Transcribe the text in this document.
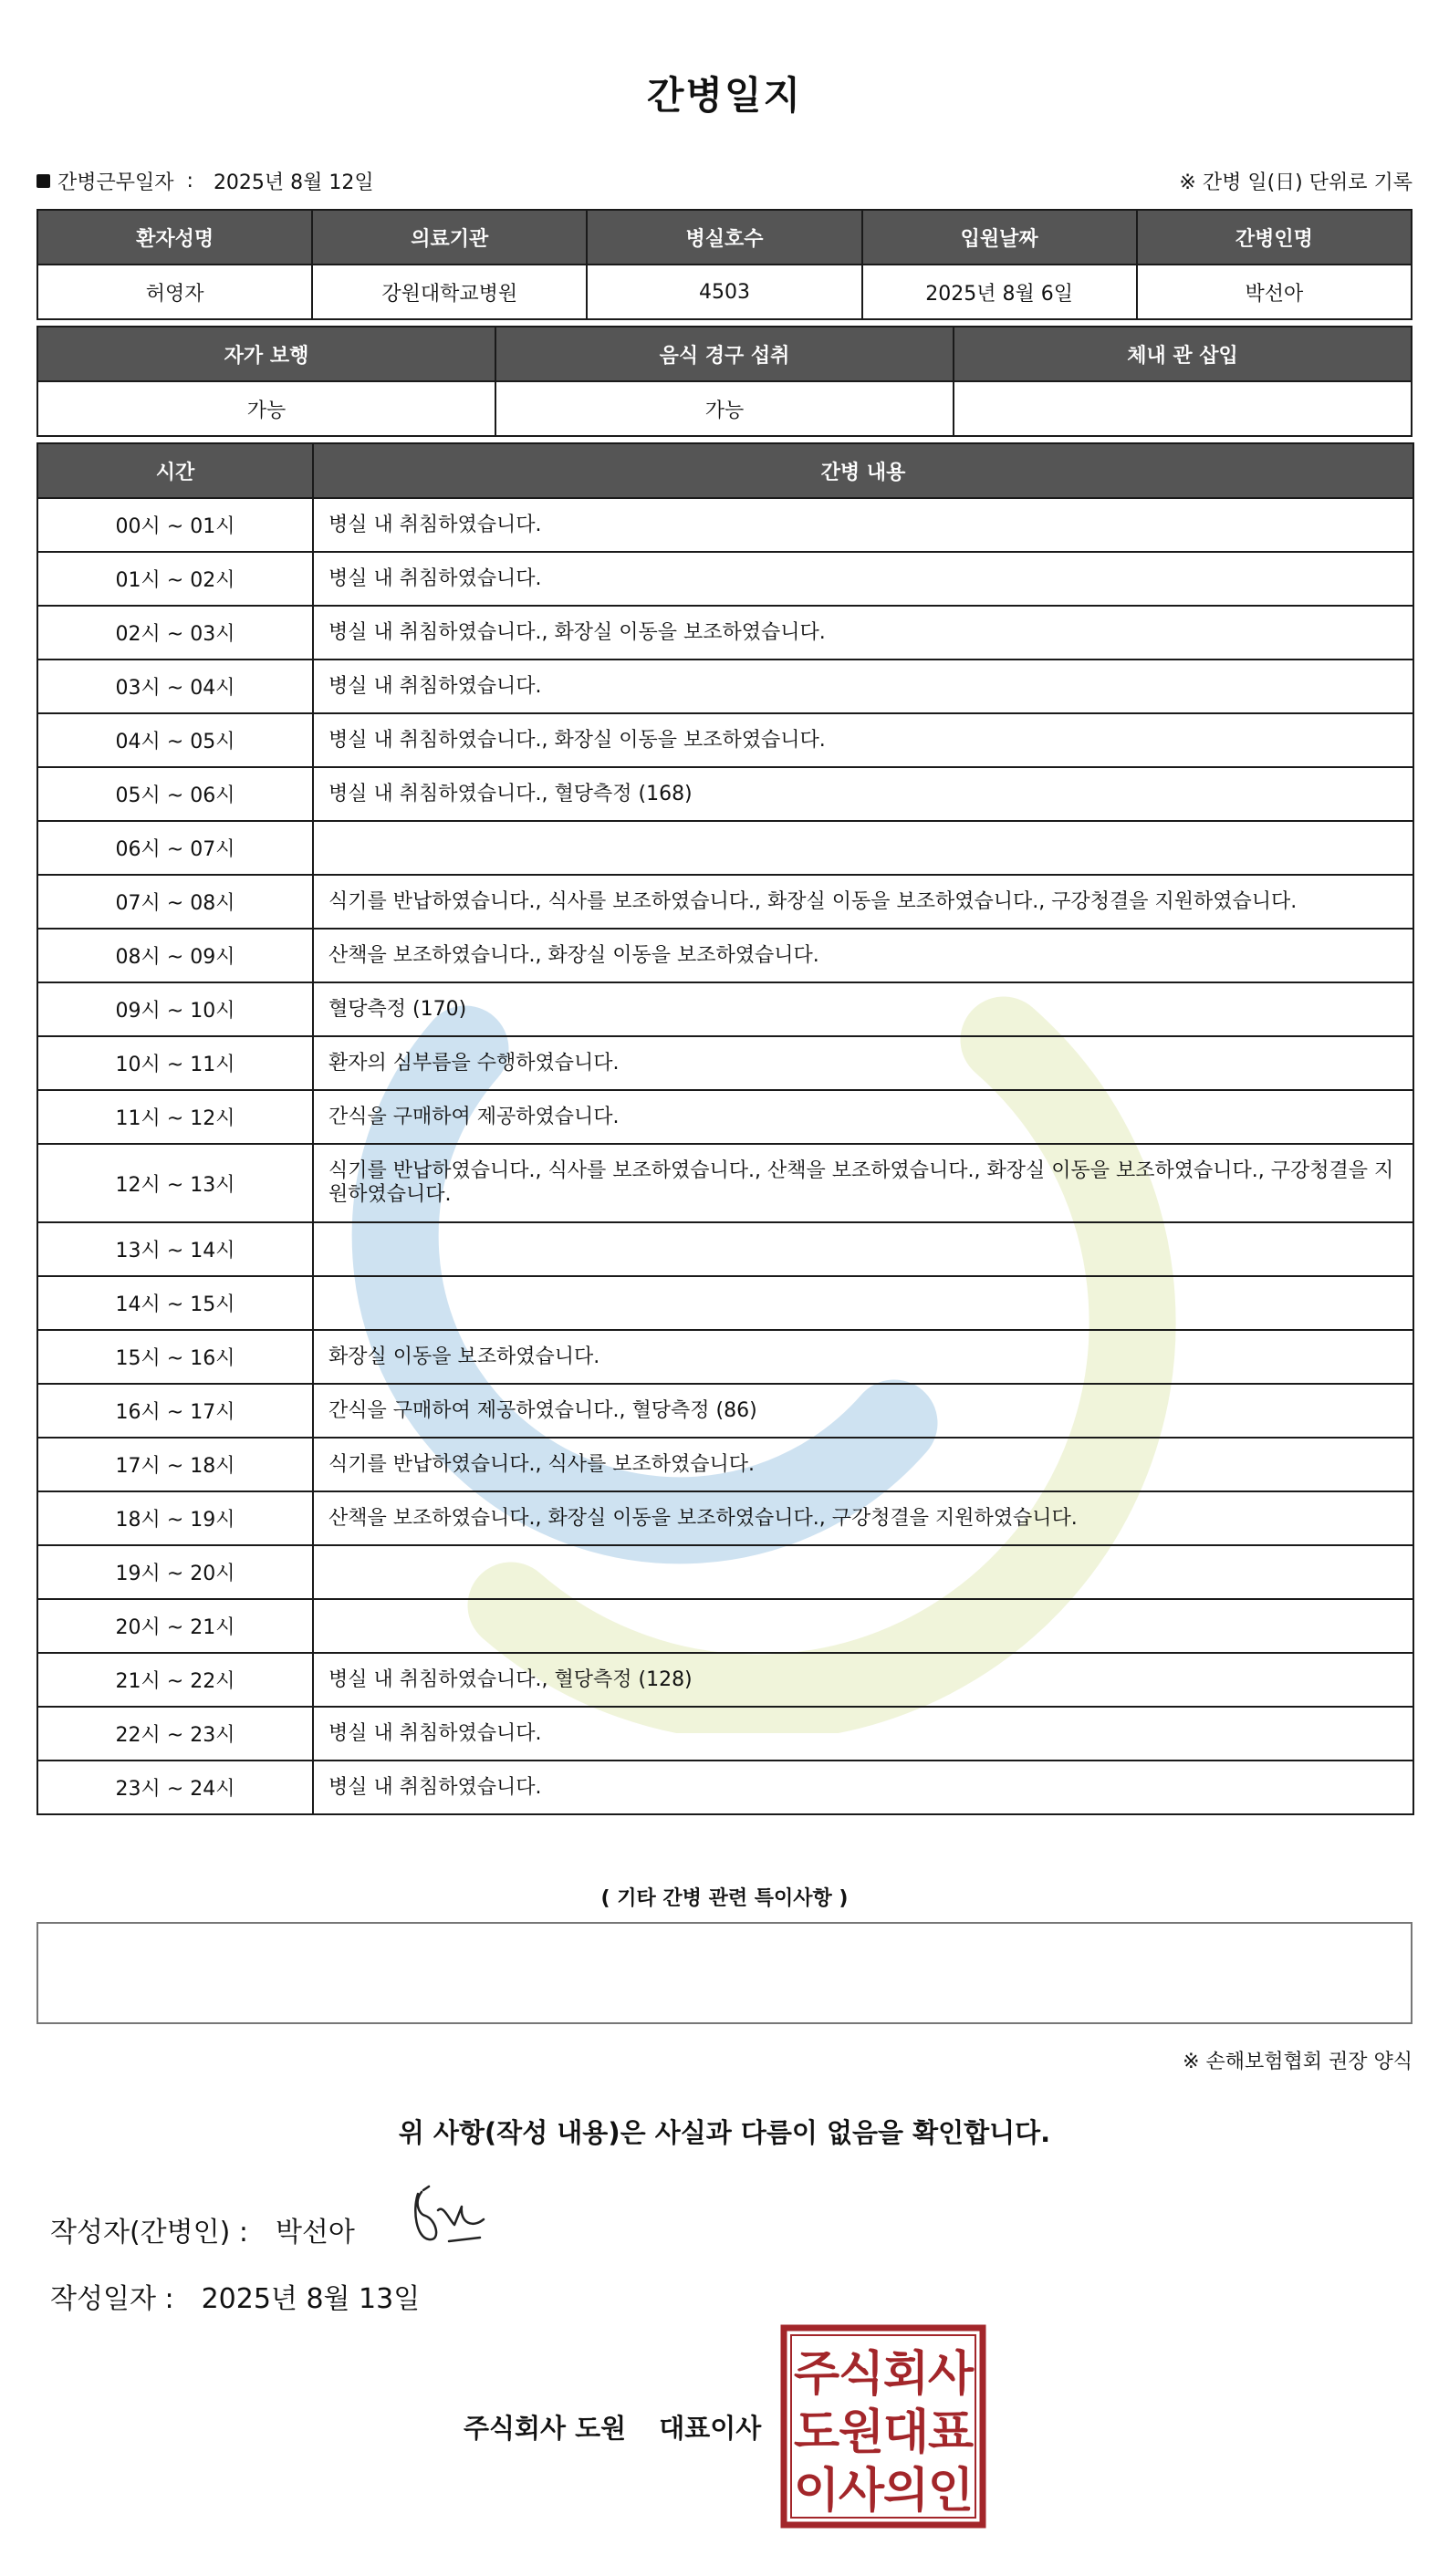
간병일지
간병근무일자 : 2025년 8월 12일	※ 간병 일(日) 단위로 기록
환자성명	의료기관	병실호수	입원날짜	간병인명
허영자	강원대학교병원	4503	2025년 8월 6일	박선아
자가 보행	음식 경구 섭취	체내 관 삽입
가능	가능	
시간	간병 내용
00시 ~ 01시	병실 내 취침하였습니다.
01시 ~ 02시	병실 내 취침하였습니다.
02시 ~ 03시	병실 내 취침하였습니다., 화장실 이동을 보조하였습니다.
03시 ~ 04시	병실 내 취침하였습니다.
04시 ~ 05시	병실 내 취침하였습니다., 화장실 이동을 보조하였습니다.
05시 ~ 06시	병실 내 취침하였습니다., 혈당측정 (168)
06시 ~ 07시	
07시 ~ 08시	식기를 반납하였습니다., 식사를 보조하였습니다., 화장실 이동을 보조하였습니다., 구강청결을 지원하였습니다.
08시 ~ 09시	산책을 보조하였습니다., 화장실 이동을 보조하였습니다.
09시 ~ 10시	혈당측정 (170)
10시 ~ 11시	환자의 심부름을 수행하였습니다.
11시 ~ 12시	간식을 구매하여 제공하였습니다.
12시 ~ 13시	식기를 반납하였습니다., 식사를 보조하였습니다., 산책을 보조하였습니다., 화장실 이동을 보조하였습니다., 구강청결을 지원하였습니다.
13시 ~ 14시	
14시 ~ 15시	
15시 ~ 16시	화장실 이동을 보조하였습니다.
16시 ~ 17시	간식을 구매하여 제공하였습니다., 혈당측정 (86)
17시 ~ 18시	식기를 반납하였습니다., 식사를 보조하였습니다.
18시 ~ 19시	산책을 보조하였습니다., 화장실 이동을 보조하였습니다., 구강청결을 지원하였습니다.
19시 ~ 20시	
20시 ~ 21시	
21시 ~ 22시	병실 내 취침하였습니다., 혈당측정 (128)
22시 ~ 23시	병실 내 취침하였습니다.
23시 ~ 24시	병실 내 취침하였습니다.
( 기타 간병 관련 특이사항 )
※ 손해보험협회 권장 양식
위 사항(작성 내용)은 사실과 다름이 없음을 확인합니다.
작성자(간병인) : 박선아
작성일자 : 2025년 8월 13일
주식회사 도원 대표이사
주
식
회
사
도
원
대
표
이
사
의
인
